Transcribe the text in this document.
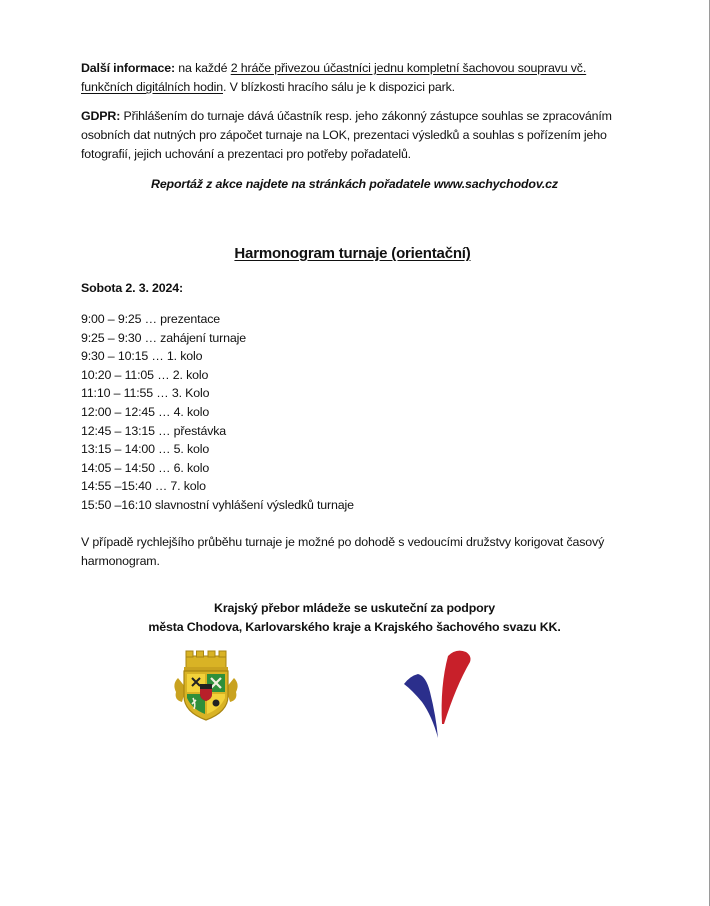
Další informace: na každé 2 hráče přivezou účastníci jednu kompletní šachovou soupravu vč. funkčních digitálních hodin. V blízkosti hracího sálu je k dispozici park.

GDPR: Přihlášením do turnaje dává účastník resp. jeho zákonný zástupce souhlas se zpracováním osobních dat nutných pro zápočet turnaje na LOK, prezentaci výsledků a souhlas s pořízením jeho fotografií, jejich uchování a prezentaci pro potřeby pořadatelů.

Reportáž z akce najdete na stránkách pořadatele www.sachychodov.cz
Harmonogram turnaje (orientační)
Sobota 2. 3. 2024:
9:00 – 9:25 … prezentace
9:25 – 9:30 … zahájení turnaje
9:30 – 10:15 … 1. kolo
10:20 – 11:05 … 2. kolo
11:10 – 11:55 … 3. Kolo
12:00 – 12:45 … 4. kolo
12:45 – 13:15 … přestávka
13:15 – 14:00 … 5. kolo
14:05 – 14:50 … 6. kolo
14:55 –15:40 … 7. kolo
15:50 –16:10 slavnostní vyhlášení výsledků turnaje

V případě rychlejšího průběhu turnaje je možné po dohodě s vedoucími družstvy korigovat časový harmonogram.

Krajský přebor mládeže se uskuteční za podpory
města Chodova, Karlovarského kraje a Krajského šachového svazu KK.
